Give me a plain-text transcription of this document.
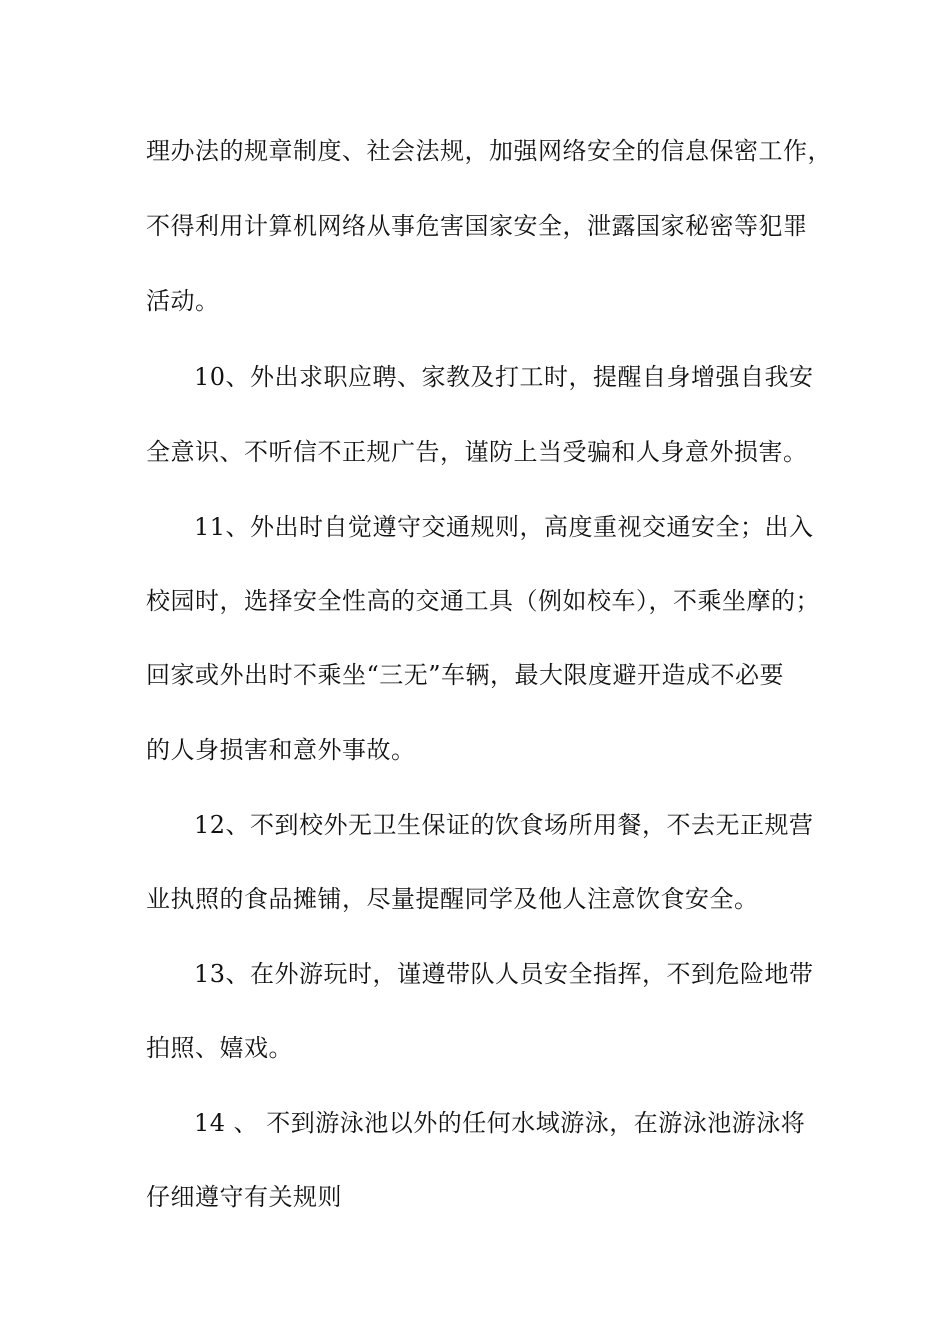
理办法的规章制度、社会法规，加强网络安全的信息保密工作，
不得利用计算机网络从事危害国家安全，泄露国家秘密等犯罪
活动。
10、外出求职应聘、家教及打工时，提醒自身增强自我安
全意识、不听信不正规广告，谨防上当受骗和人身意外损害。
11、外出时自觉遵守交通规则，高度重视交通安全；出入
校园时，选择安全性高的交通工具（例如校车），不乘坐摩的；
回家或外出时不乘坐“三无”车辆，最大限度避开造成不必要
的人身损害和意外事故。
12、不到校外无卫生保证的饮食场所用餐，不去无正规营
业执照的食品摊铺，尽量提醒同学及他人注意饮食安全。
13、在外游玩时，谨遵带队人员安全指挥，不到危险地带
拍照、嬉戏。
14 、 不到游泳池以外的任何水域游泳，在游泳池游泳将
仔细遵守有关规则
